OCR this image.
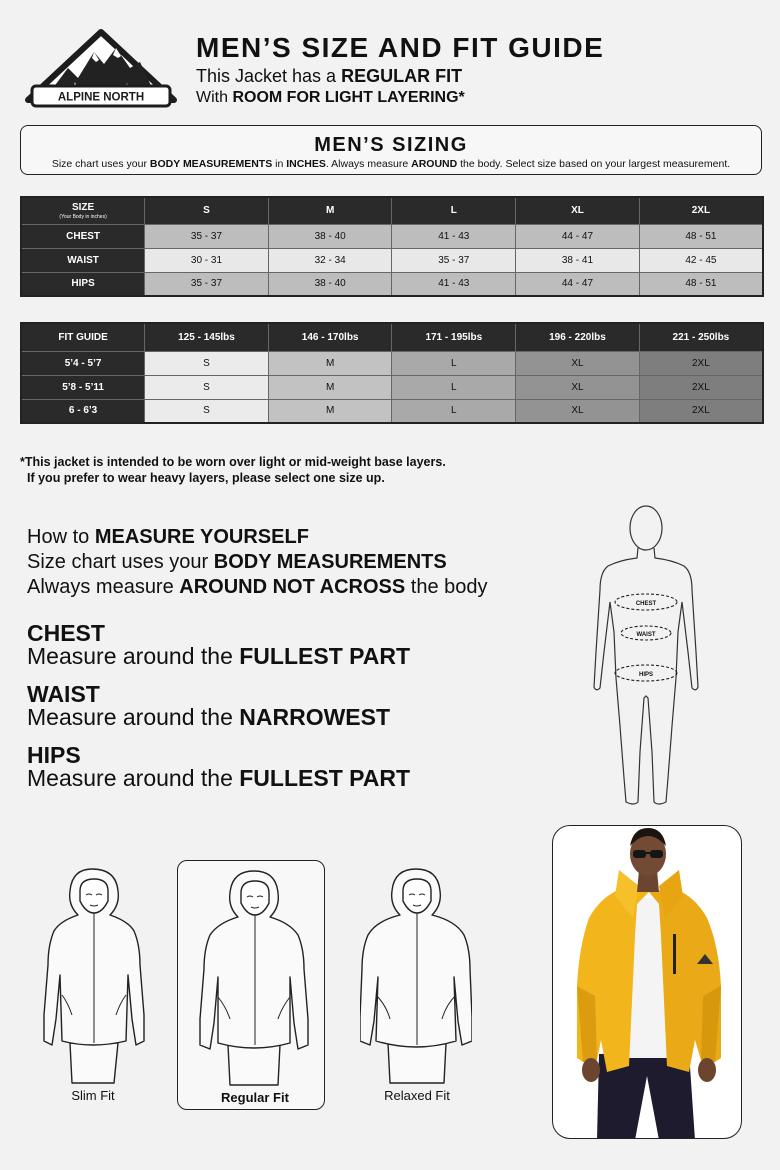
ALPINE NORTH
MEN’S SIZE AND FIT GUIDE
This Jacket has a REGULAR FIT
With ROOM FOR LIGHT LAYERING*
MEN’S SIZING
Size chart uses your BODY MEASUREMENTS in INCHES. Always measure AROUND the body. Select size based on your largest measurement.
SIZE
(Your Body in inches)	S	M	L	XL	2XL
CHEST	35 - 37	38 - 40	41 - 43	44 - 47	48 - 51
WAIST	30 - 31	32 - 34	35 - 37	38 - 41	42 - 45
HIPS	35 - 37	38 - 40	41 - 43	44 - 47	48 - 51
FIT GUIDE	125 - 145lbs	146 - 170lbs	171 - 195lbs	196 - 220lbs	221 - 250lbs
5’4 - 5’7	S	M	L	XL	2XL
5’8 - 5’11	S	M	L	XL	2XL
6 - 6’3	S	M	L	XL	2XL
*This jacket is intended to be worn over light or mid-weight base layers.
If you prefer to wear heavy layers, please select one size up.
How to MEASURE YOURSELF
Size chart uses your BODY MEASUREMENTS
Always measure AROUND NOT ACROSS the body
CHEST
Measure around the FULLEST PART
WAIST
Measure around the NARROWEST
HIPS
Measure around the FULLEST PART
CHEST
WAIST
HIPS
Slim Fit	Regular Fit	Relaxed Fit
